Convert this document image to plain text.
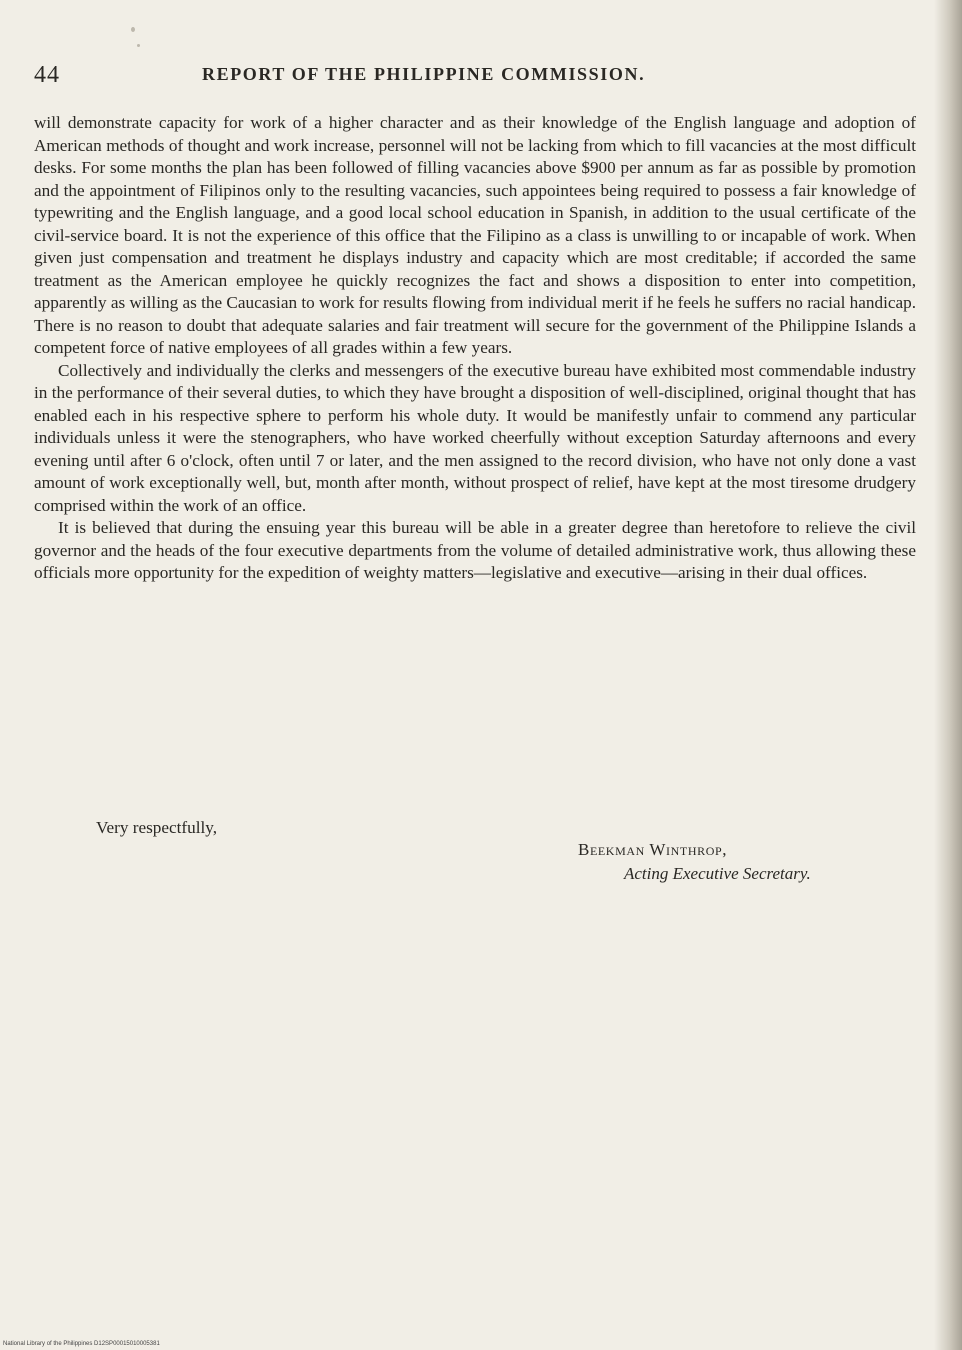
44	REPORT OF THE PHILIPPINE COMMISSION.

will demonstrate capacity for work of a higher character and as their knowledge of the English language and adoption of American methods of thought and work increase, personnel will not be lacking from which to fill vacancies at the most difficult desks. For some months the plan has been followed of filling vacancies above $900 per annum as far as possible by promotion and the appointment of Filipinos only to the resulting vacancies, such appointees being required to possess a fair knowledge of typewriting and the English language, and a good local school education in Spanish, in addition to the usual certificate of the civil-service board. It is not the experience of this office that the Filipino as a class is unwilling to or incapable of work. When given just compensation and treatment he displays industry and capacity which are most creditable; if accorded the same treatment as the American employee he quickly recognizes the fact and shows a disposition to enter into competition, apparently as willing as the Caucasian to work for results flowing from individual merit if he feels he suffers no racial handicap. There is no reason to doubt that adequate salaries and fair treatment will secure for the government of the Philippine Islands a competent force of native employees of all grades within a few years.

Collectively and individually the clerks and messengers of the executive bureau have exhibited most commendable industry in the performance of their several duties, to which they have brought a disposition of well-disciplined, original thought that has enabled each in his respective sphere to perform his whole duty. It would be manifestly unfair to commend any particular individuals unless it were the stenographers, who have worked cheerfully without exception Saturday afternoons and every evening until after 6 o'clock, often until 7 or later, and the men assigned to the record division, who have not only done a vast amount of work exceptionally well, but, month after month, without prospect of relief, have kept at the most tiresome drudgery comprised within the work of an office.

It is believed that during the ensuing year this bureau will be able in a greater degree than heretofore to relieve the civil governor and the heads of the four executive departments from the volume of detailed administrative work, thus allowing these officials more opportunity for the expedition of weighty matters—legislative and executive—arising in their dual offices.

Very respectfully,
Beekman Winthrop,
Acting Executive Secretary.
National Library of the Philippines D12SP00015010005381
